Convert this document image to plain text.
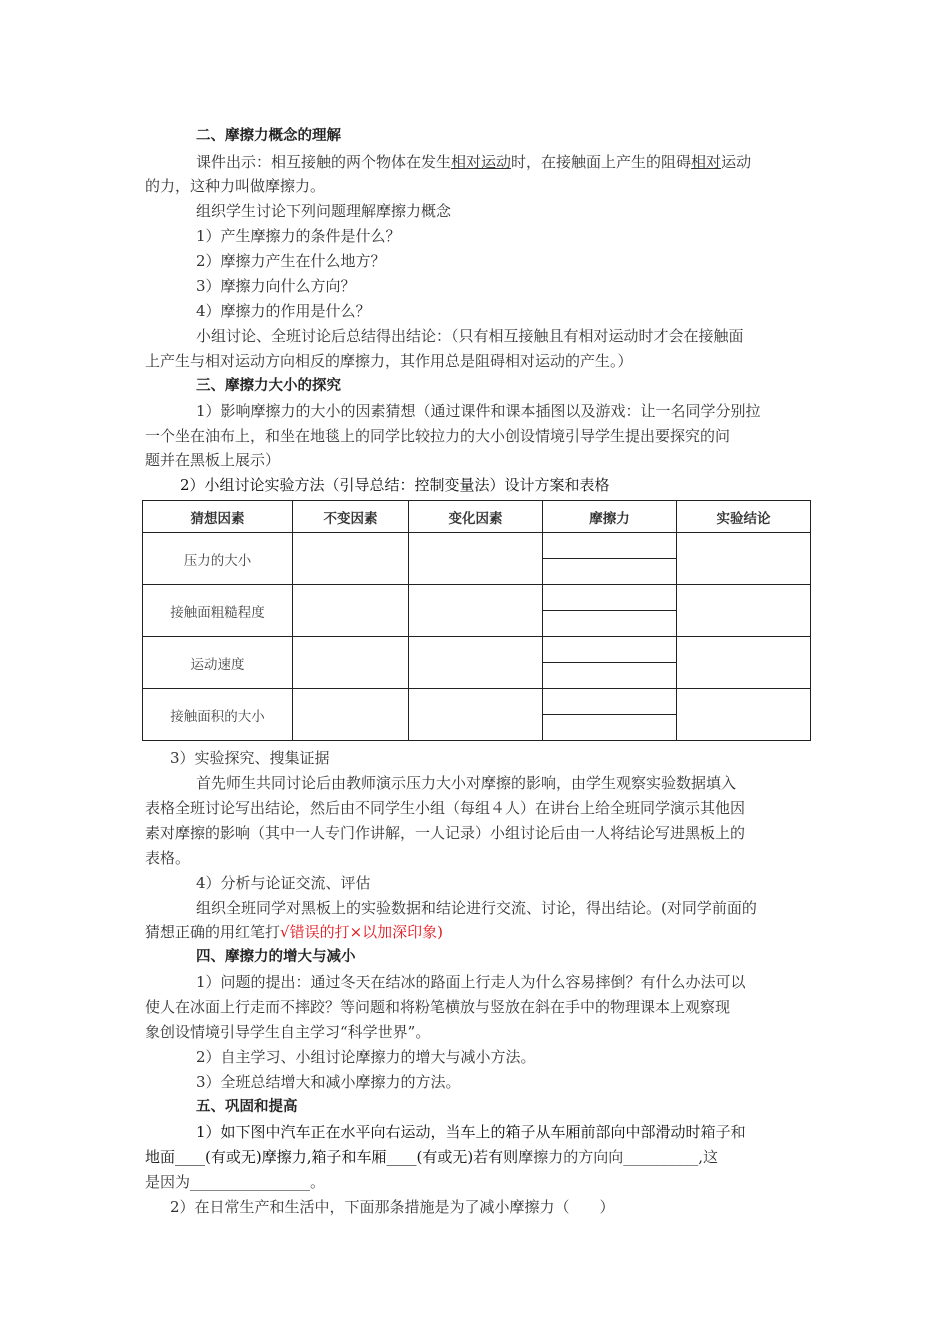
二、摩擦力概念的理解
课件出示：相互接触的两个物体在发生相对运动时，在接触面上产生的阻碍相对运动
的力，这种力叫做摩擦力。
组织学生讨论下列问题理解摩擦力概念
1）产生摩擦力的条件是什么？
2）摩擦力产生在什么地方？
3）摩擦力向什么方向？
4）摩擦力的作用是什么？
小组讨论、全班讨论后总结得出结论：（只有相互接触且有相对运动时才会在接触面
上产生与相对运动方向相反的摩擦力，其作用总是阻碍相对运动的产生。）
三、摩擦力大小的探究
1）影响摩擦力的大小的因素猜想（通过课件和课本插图以及游戏：让一名同学分别拉
一个坐在油布上，和坐在地毯上的同学比较拉力的大小创设情境引导学生提出要探究的问
题并在黑板上展示）
2）小组讨论实验方法（引导总结：控制变量法）设计方案和表格
猜想因素	不变因素	变化因素	摩擦力	实验结论
压力的大小				

接触面粗糙程度				

运动速度				

接触面积的大小				

3）实验探究、搜集证据
首先师生共同讨论后由教师演示压力大小对摩擦的影响，由学生观察实验数据填入
表格全班讨论写出结论，然后由不同学生小组（每组４人）在讲台上给全班同学演示其他因
素对摩擦的影响（其中一人专门作讲解，一人记录）小组讨论后由一人将结论写进黑板上的
表格。
4）分析与论证交流、评估
组织全班同学对黑板上的实验数据和结论进行交流、讨论，得出结论。(对同学前面的
猜想正确的用红笔打√错误的打×以加深印象)
四、摩擦力的增大与减小
1）问题的提出：通过冬天在结冰的路面上行走人为什么容易摔倒？有什么办法可以
使人在冰面上行走而不摔跤？等问题和将粉笔横放与竖放在斜在手中的物理课本上观察现
象创设情境引导学生自主学习“科学世界”。
2）自主学习、小组讨论摩擦力的增大与减小方法。
3）全班总结增大和减小摩擦力的方法。
五、巩固和提高
1）如下图中汽车正在水平向右运动，当车上的箱子从车厢前部向中部滑动时箱子和
地面____(有或无)摩擦力,箱子和车厢____(有或无)若有则摩擦力的方向向__________,这
是因为________________。
2）在日常生产和生活中，下面那条措施是为了减小摩擦力（　　）
